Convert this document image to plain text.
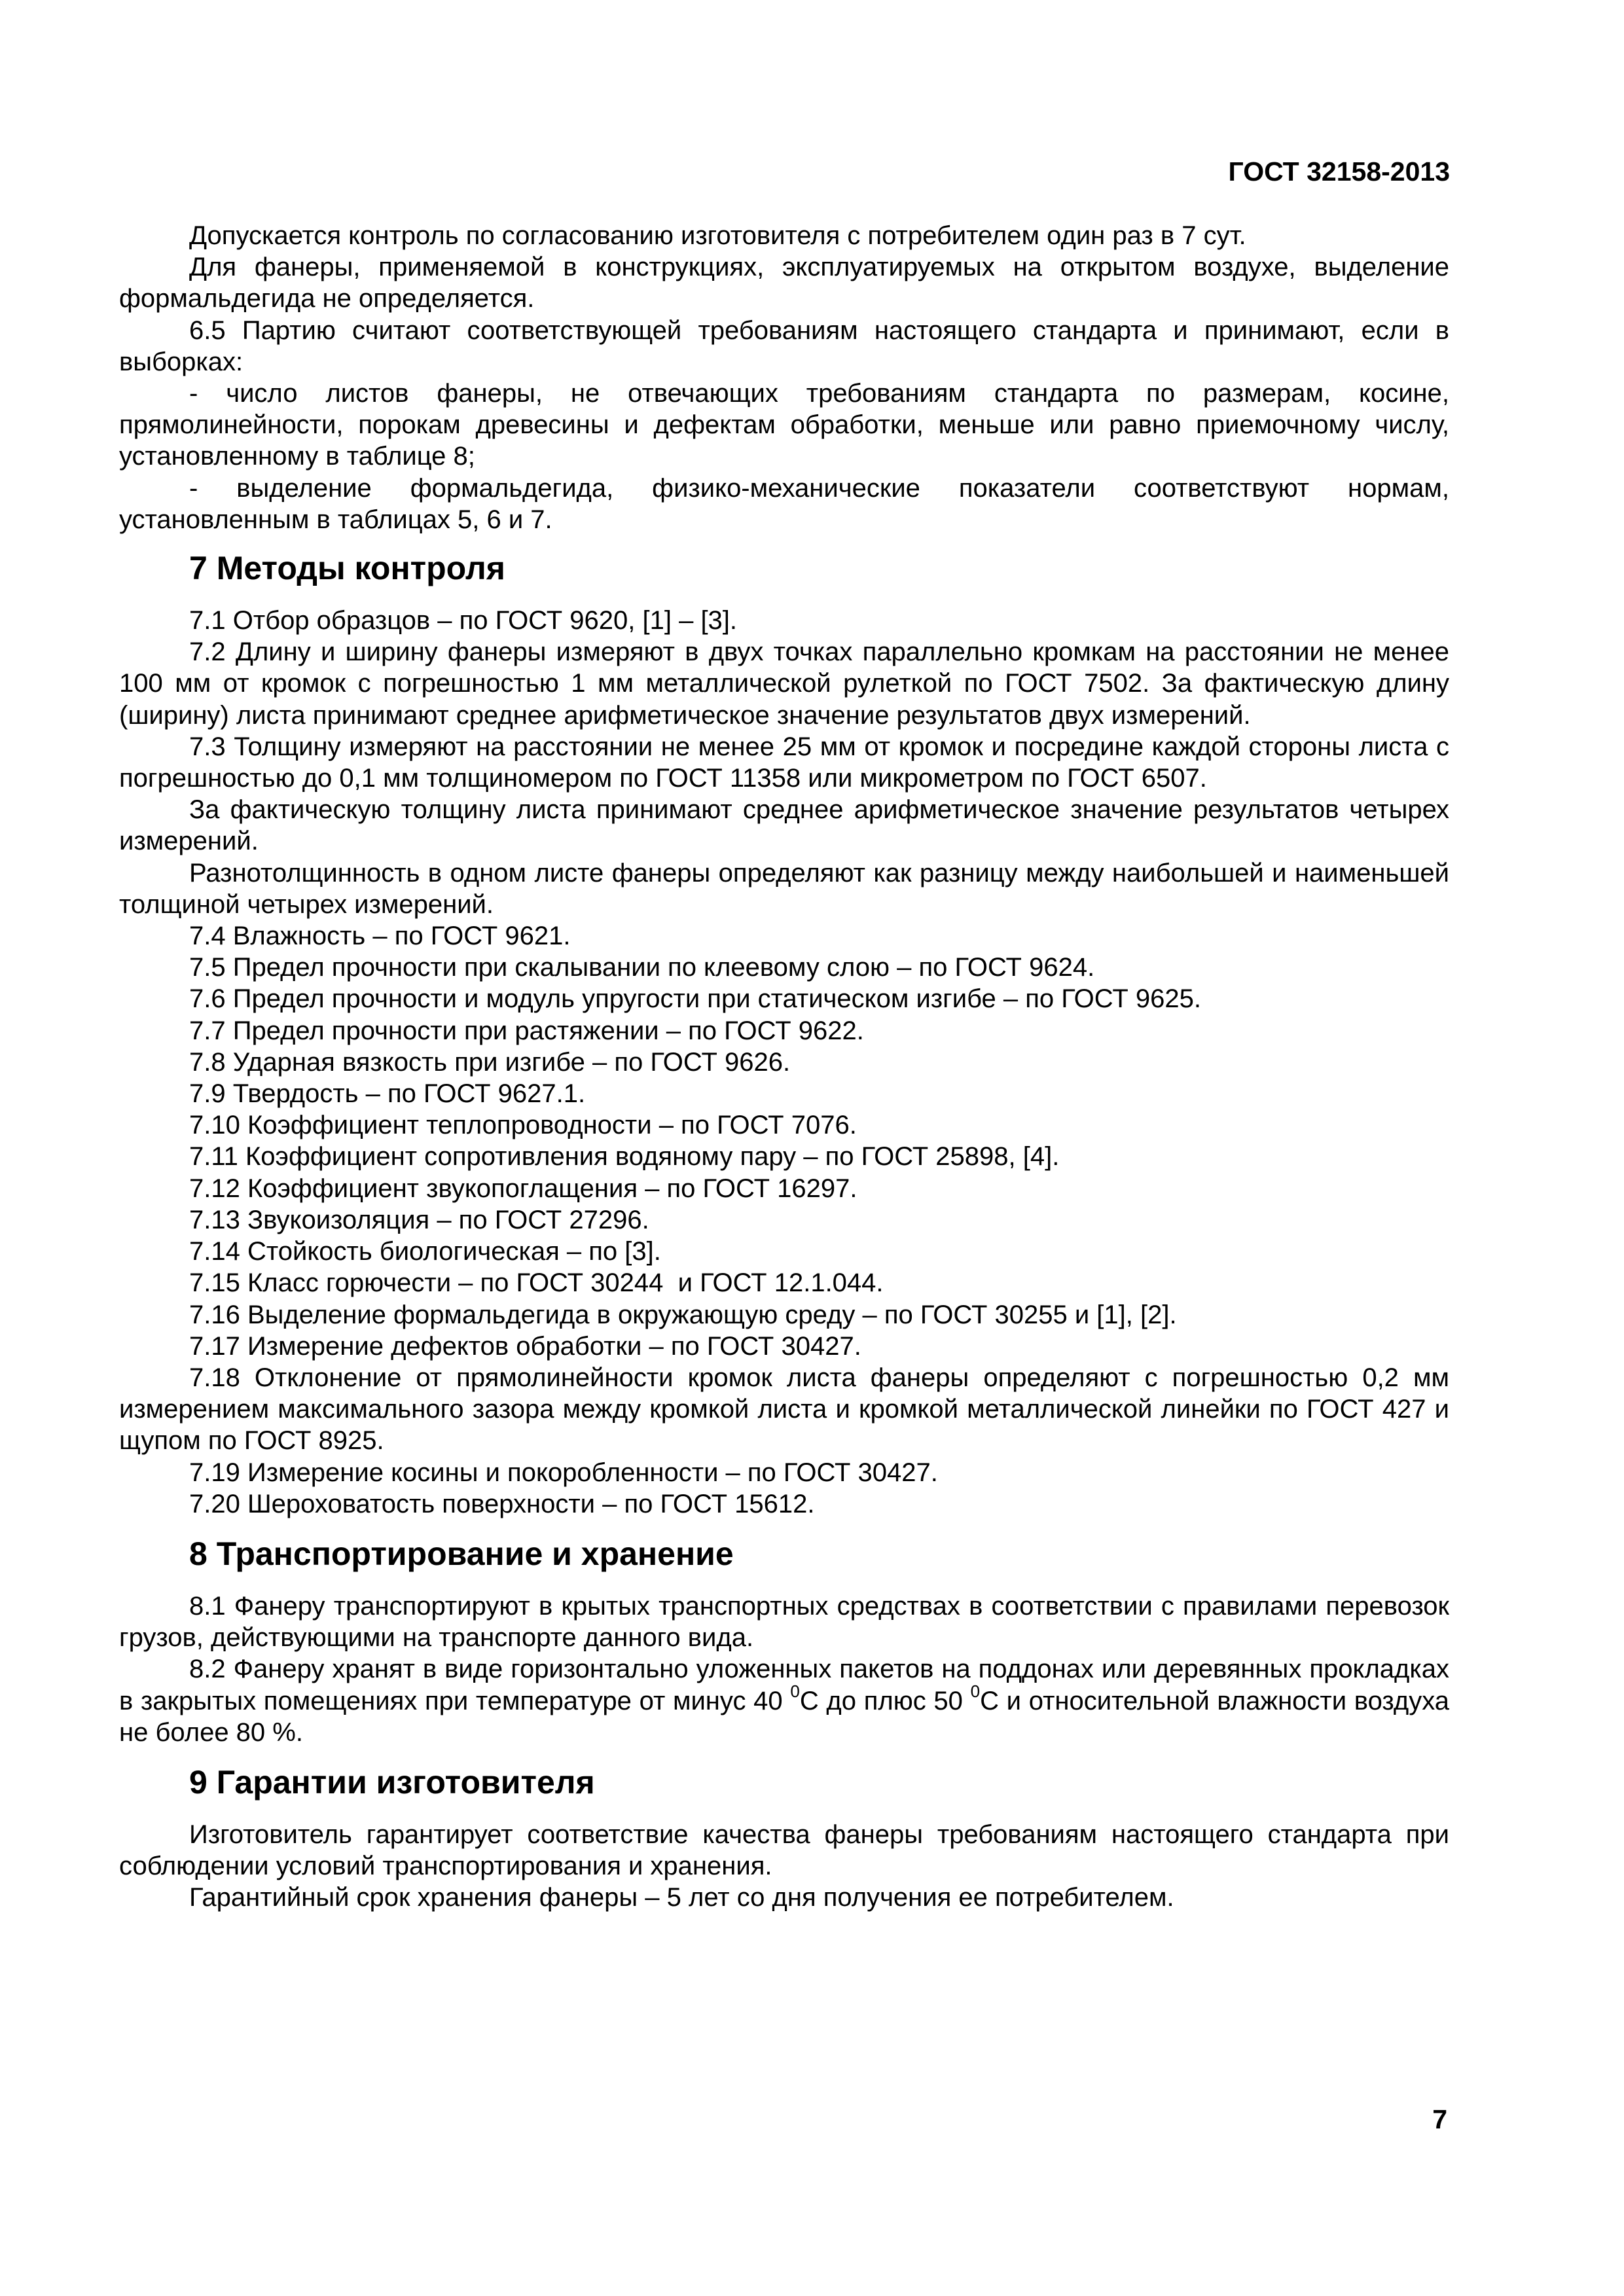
ГОСТ 32158-2013

Допускается контроль по согласованию изготовителя с потребителем один раз в 7 сут.

Для фанеры, применяемой в конструкциях, эксплуатируемых на открытом воздухе, выделение формальдегида не определяется.

6.5 Партию считают соответствующей требованиям настоящего стандарта и принимают, если в выборках:

- число листов фанеры, не отвечающих требованиям стандарта по размерам, косине, прямолинейности, порокам древесины и дефектам обработки, меньше или равно приемочному числу, установленному в таблице 8;

- выделение формальдегида, физико-механические показатели соответствуют нормам, установленным в таблицах 5, 6 и 7.

7 Методы контроля

7.1 Отбор образцов – по ГОСТ 9620, [1] – [3].

7.2 Длину и ширину фанеры измеряют в двух точках параллельно кромкам на расстоянии не менее 100 мм от кромок с погрешностью 1 мм металлической рулеткой по ГОСТ 7502. За фактическую длину (ширину) листа принимают среднее арифметическое значение результатов двух измерений.

7.3 Толщину измеряют на расстоянии не менее 25 мм от кромок и посредине каждой стороны листа с погрешностью до 0,1 мм толщиномером по ГОСТ 11358 или микрометром по ГОСТ 6507.

За фактическую толщину листа принимают среднее арифметическое значение результатов четырех измерений.

Разнотолщинность в одном листе фанеры определяют как разницу между наибольшей и наименьшей толщиной четырех измерений.

7.4 Влажность – по ГОСТ 9621.

7.5 Предел прочности при скалывании по клеевому слою – по ГОСТ 9624.

7.6 Предел прочности и модуль упругости при статическом изгибе – по ГОСТ 9625.

7.7 Предел прочности при растяжении – по ГОСТ 9622.

7.8 Ударная вязкость при изгибе – по ГОСТ 9626.

7.9 Твердость – по ГОСТ 9627.1.

7.10 Коэффициент теплопроводности – по ГОСТ 7076.

7.11 Коэффициент сопротивления водяному пару – по ГОСТ 25898, [4].

7.12 Коэффициент звукопоглащения – по ГОСТ 16297.

7.13 Звукоизоляция – по ГОСТ 27296.

7.14 Стойкость биологическая – по [3].

7.15 Класс горючести – по ГОСТ 30244  и ГОСТ 12.1.044.

7.16 Выделение формальдегида в окружающую среду – по ГОСТ 30255 и [1], [2].

7.17 Измерение дефектов обработки – по ГОСТ 30427.

7.18 Отклонение от прямолинейности кромок листа фанеры определяют с погрешностью 0,2 мм измерением максимального зазора между кромкой листа и кромкой металлической линейки по ГОСТ 427 и щупом по ГОСТ 8925.

7.19 Измерение косины и покоробленности – по ГОСТ 30427.

7.20 Шероховатость поверхности – по ГОСТ 15612.

8 Транспортирование и хранение

8.1 Фанеру транспортируют в крытых транспортных средствах в соответствии с правилами перевозок грузов, действующими на транспорте данного вида.

8.2 Фанеру хранят в виде горизонтально уложенных пакетов на поддонах или деревянных прокладках в закрытых помещениях при температуре от минус 40 $^0$С до плюс 50 $^0$С и относительной влажности воздуха не более 80 %.

9 Гарантии изготовителя

Изготовитель гарантирует соответствие качества фанеры требованиям настоящего стандарта при соблюдении условий транспортирования и хранения.

Гарантийный срок хранения фанеры – 5 лет со дня получения ее потребителем.

7
